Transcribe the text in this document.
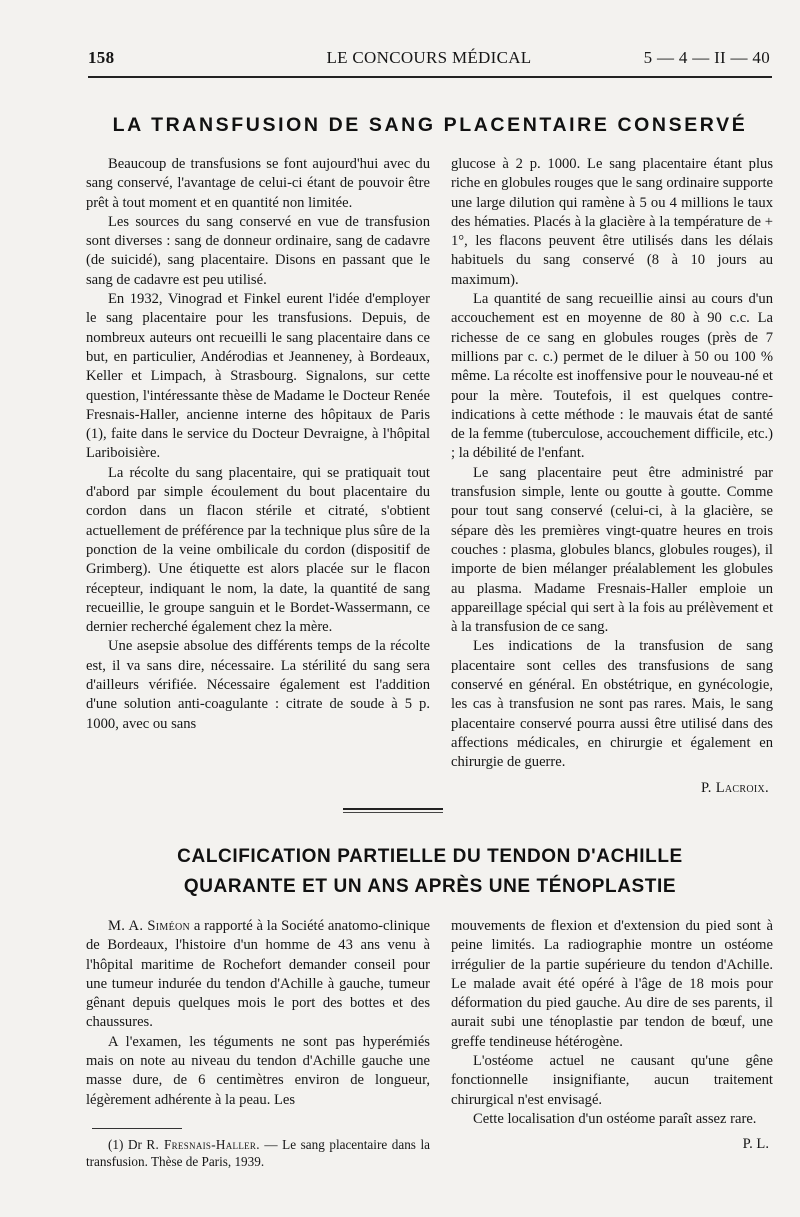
158	LE CONCOURS MÉDICAL	5 — 4 — II — 40
LA TRANSFUSION DE SANG PLACENTAIRE CONSERVÉ

Beaucoup de transfusions se font aujourd'hui avec du sang conservé, l'avantage de celui-ci étant de pouvoir être prêt à tout moment et en quantité non limitée.

Les sources du sang conservé en vue de transfusion sont diverses : sang de donneur ordinaire, sang de cadavre (de suicidé), sang placentaire. Disons en passant que le sang de cadavre est peu utilisé.

En 1932, Vinograd et Finkel eurent l'idée d'employer le sang placentaire pour les transfusions. Depuis, de nombreux auteurs ont recueilli le sang placentaire dans ce but, en particulier, Andérodias et Jeanneney, à Bordeaux, Keller et Limpach, à Strasbourg. Signalons, sur cette question, l'intéressante thèse de Madame le Docteur Renée Fresnais-Haller, ancienne interne des hôpitaux de Paris (1), faite dans le service du Docteur Devraigne, à l'hôpital Lariboisière.

La récolte du sang placentaire, qui se pratiquait tout d'abord par simple écoulement du bout placentaire du cordon dans un flacon stérile et citraté, s'obtient actuellement de préférence par la technique plus sûre de la ponction de la veine ombilicale du cordon (dispositif de Grimberg). Une étiquette est alors placée sur le flacon récepteur, indiquant le nom, la date, la quantité de sang recueillie, le groupe sanguin et le Bordet-Wassermann, ce dernier recherché également chez la mère.

Une asepsie absolue des différents temps de la récolte est, il va sans dire, nécessaire. La stérilité du sang sera d'ailleurs vérifiée. Nécessaire également est l'addition d'une solution anti-coagulante : citrate de soude à 5 p. 1000, avec ou sans

glucose à 2 p. 1000. Le sang placentaire étant plus riche en globules rouges que le sang ordinaire supporte une large dilution qui ramène à 5 ou 4 millions le taux des hématies. Placés à la glacière à la température de + 1°, les flacons peuvent être utilisés dans les délais habituels du sang conservé (8 à 10 jours au maximum).

La quantité de sang recueillie ainsi au cours d'un accouchement est en moyenne de 80 à 90 c.c. La richesse de ce sang en globules rouges (près de 7 millions par c. c.) permet de le diluer à 50 ou 100 % même. La récolte est inoffensive pour le nouveau-né et pour la mère. Toutefois, il est quelques contre-indications à cette méthode : le mauvais état de santé de la femme (tuberculose, accouchement difficile, etc.) ; la débilité de l'enfant.

Le sang placentaire peut être administré par transfusion simple, lente ou goutte à goutte. Comme pour tout sang conservé (celui-ci, à la glacière, se sépare dès les premières vingt-quatre heures en trois couches : plasma, globules blancs, globules rouges), il importe de bien mélanger préalablement les globules au plasma. Madame Fresnais-Haller emploie un appareillage spécial qui sert à la fois au prélèvement et à la transfusion de ce sang.

Les indications de la transfusion de sang placentaire sont celles des transfusions de sang conservé en général. En obstétrique, en gynécologie, les cas à transfusion ne sont pas rares. Mais, le sang placentaire conservé pourra aussi être utilisé dans des affections médicales, en chirurgie et également en chirurgie de guerre.

P. Lacroix.
CALCIFICATION PARTIELLE DU TENDON D'ACHILLE
QUARANTE ET UN ANS APRÈS UNE TÉNOPLASTIE

M. A. Siméon a rapporté à la Société anatomo-clinique de Bordeaux, l'histoire d'un homme de 43 ans venu à l'hôpital maritime de Rochefort demander conseil pour une tumeur indurée du tendon d'Achille à gauche, tumeur gênant depuis quelques mois le port des bottes et des chaussures.

A l'examen, les téguments ne sont pas hyperémiés mais on note au niveau du tendon d'Achille gauche une masse dure, de 6 centimètres environ de longueur, légèrement adhérente à la peau. Les

mouvements de flexion et d'extension du pied sont à peine limités. La radiographie montre un ostéome irrégulier de la partie supérieure du tendon d'Achille. Le malade avait été opéré à l'âge de 18 mois pour déformation du pied gauche. Au dire de ses parents, il aurait subi une ténoplastie par tendon de bœuf, une greffe tendineuse hétérogène.

L'ostéome actuel ne causant qu'une gêne fonctionnelle insignifiante, aucun traitement chirurgical n'est envisagé.

Cette localisation d'un ostéome paraît assez rare.

P. L.

(1) Dr R. Fresnais-Haller. — Le sang placentaire dans la transfusion. Thèse de Paris, 1939.
